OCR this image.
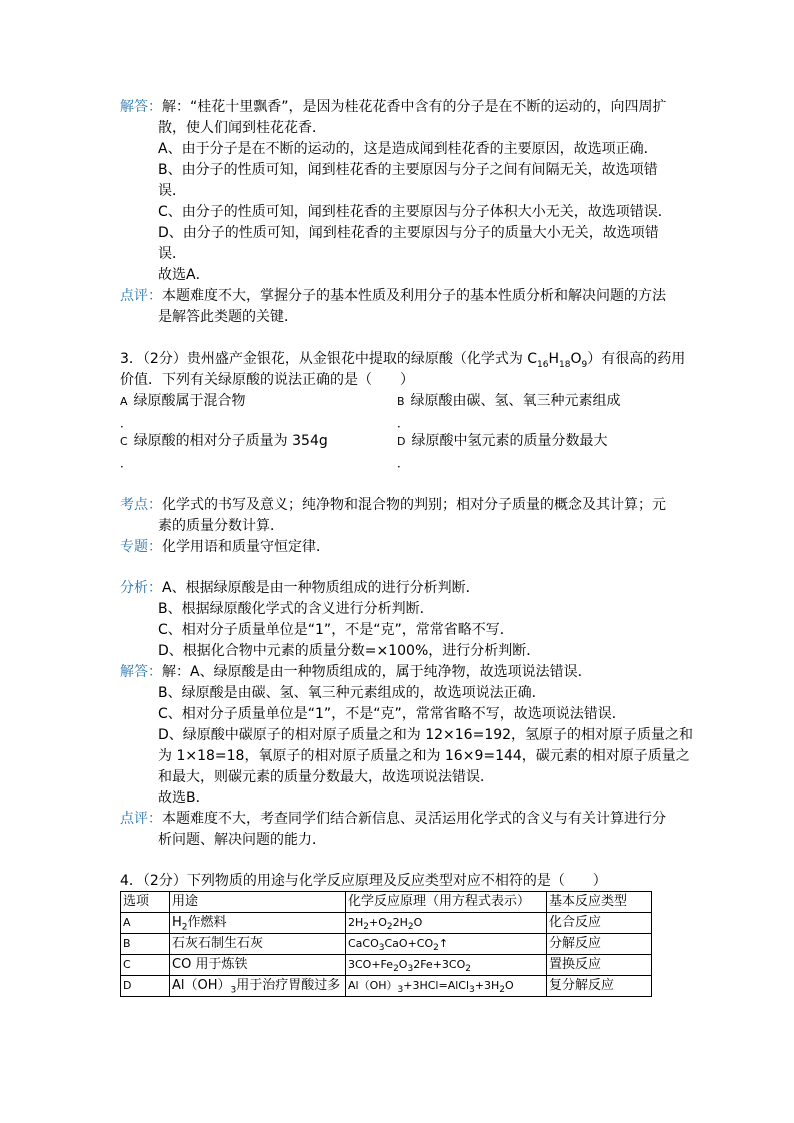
解答：解：“桂花十里飘香”，是因为桂花花香中含有的分子是在不断的运动的，向四周扩
散，使人们闻到桂花花香．
A、由于分子是在不断的运动的，这是造成闻到桂花香的主要原因，故选项正确．
B、由分子的性质可知，闻到桂花香的主要原因与分子之间有间隔无关，故选项错
误．
C、由分子的性质可知，闻到桂花香的主要原因与分子体积大小无关，故选项错误．
D、由分子的性质可知，闻到桂花香的主要原因与分子的质量大小无关，故选项错
误．
故选A．
点评：本题难度不大，掌握分子的基本性质及利用分子的基本性质分析和解决问题的方法
是解答此类题的关键．
3．（2分）贵州盛产金银花，从金银花中提取的绿原酸（化学式为 $C_{16}H_{18}O_9$）有很高的药用
价值．下列有关绿原酸的说法正确的是（　　）
A 绿原酸属于混合物
．
B 绿原酸由碳、氢、氧三种元素组成
．
C 绿原酸的相对分子质量为 354g
．
D 绿原酸中氢元素的质量分数最大
．
考点：化学式的书写及意义；纯净物和混合物的判别；相对分子质量的概念及其计算；元
素的质量分数计算．
专题：化学用语和质量守恒定律．
分析：A、根据绿原酸是由一种物质组成的进行分析判断．
B、根据绿原酸化学式的含义进行分析判断．
C、相对分子质量单位是“1”，不是“克”，常常省略不写．
D、根据化合物中元素的质量分数=×100%，进行分析判断．
解答：解：A、绿原酸是由一种物质组成的，属于纯净物，故选项说法错误．
B、绿原酸是由碳、氢、氧三种元素组成的，故选项说法正确．
C、相对分子质量单位是“1”，不是“克”，常常省略不写，故选项说法错误．
D、绿原酸中碳原子的相对原子质量之和为 12×16=192，氢原子的相对原子质量之和
为 1×18=18，氧原子的相对原子质量之和为 16×9=144，碳元素的相对原子质量之
和最大，则碳元素的质量分数最大，故选项说法错误．
故选B．
点评：本题难度不大，考查同学们结合新信息、灵活运用化学式的含义与有关计算进行分
析问题、解决问题的能力．
4．（2分）下列物质的用途与化学反应原理及反应类型对应不相符的是（　　）
选项	用途	化学反应原理（用方程式表示）	基本反应类型
A	$H_2$作燃料	$2H_2+O_22H_2O$	化合反应
B	石灰石制生石灰	$CaCO_3CaO+CO_2↑$	分解反应
C	CO 用于炼铁	$3CO+Fe_2O_32Fe+3CO_2$	置换反应
D	$Al(OH)_3$用于治疗胃酸过多	$Al(OH)_3+3HCl=AlCl_3+3H_2O$	复分解反应
